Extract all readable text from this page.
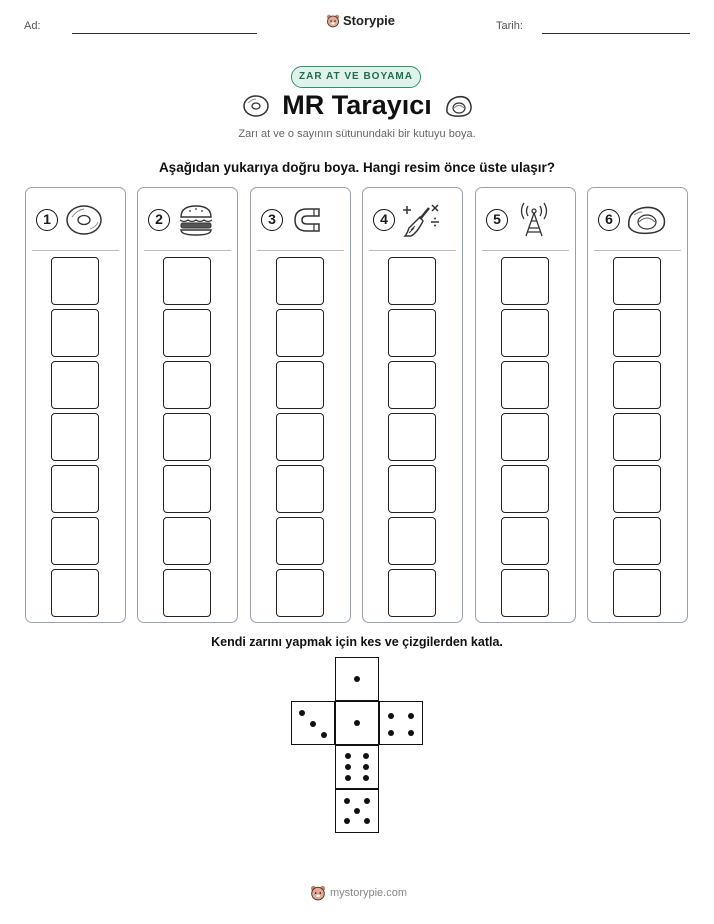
Ad:	Storypie	Tarih:
ZAR AT VE BOYAMA
MR Tarayıcı
Zarı at ve o sayının sütunundaki bir kutuyu boya.
Aşağıdan yukarıya doğru boya. Hangi resim önce üste ulaşır?
1	2	3	4	5	6
Kendi zarını yapmak için kes ve çizgilerden katla.
mystorypie.com
